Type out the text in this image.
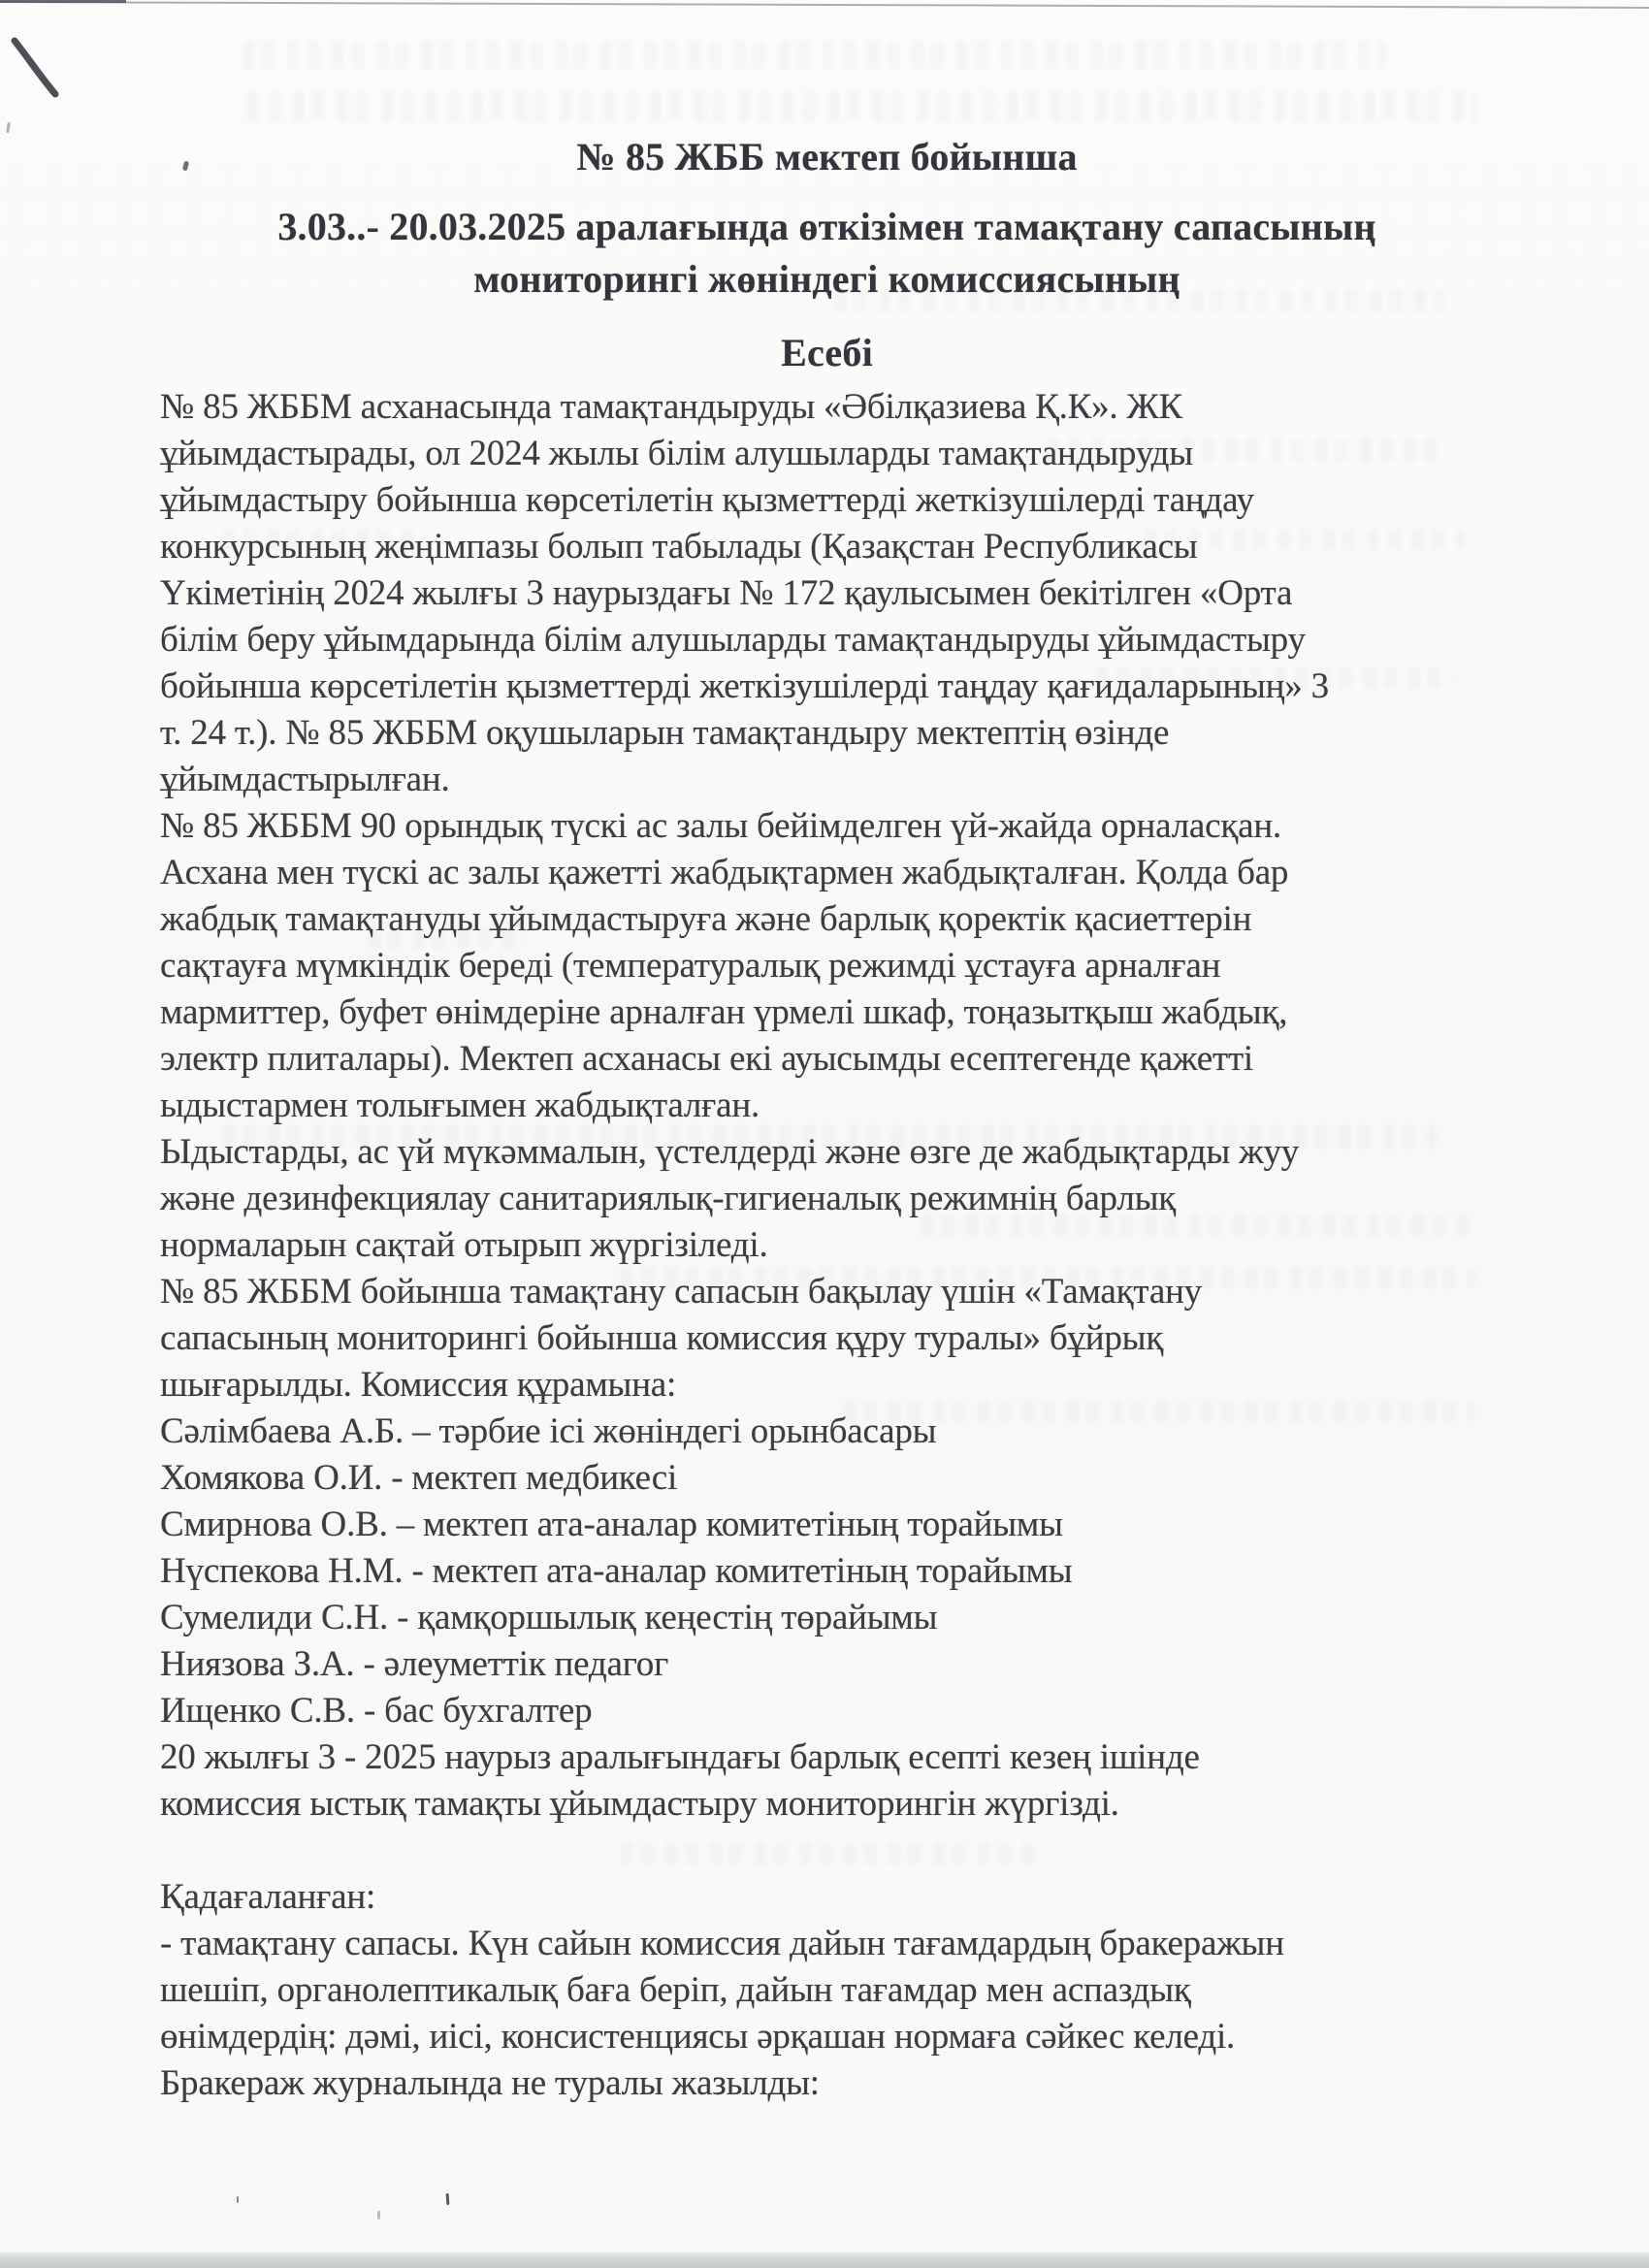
№ 85 ЖББ мектеп бойынша
3.03..- 20.03.2025 аралағында өткізімен тамақтану сапасының
мониторингі жөніндегі комиссиясының
Есебі
№ 85 ЖББМ асханасында тамақтандыруды «Әбілқазиева Қ.К». ЖК
ұйымдастырады, ол 2024 жылы білім алушыларды тамақтандыруды
ұйымдастыру бойынша көрсетілетін қызметтерді жеткізушілерді таңдау
конкурсының жеңімпазы болып табылады (Қазақстан Республикасы
Үкіметінің 2024 жылғы 3 наурыздағы № 172 қаулысымен бекітілген «Орта
білім беру ұйымдарында білім алушыларды тамақтандыруды ұйымдастыру
бойынша көрсетілетін қызметтерді жеткізушілерді таңдау қағидаларының» 3
т. 24 т.). № 85 ЖББМ оқушыларын тамақтандыру мектептің өзінде
ұйымдастырылған.
№ 85 ЖББМ 90 орындық түскі ас залы бейімделген үй-жайда орналасқан.
Асхана мен түскі ас залы қажетті жабдықтармен жабдықталған. Қолда бар
жабдық тамақтануды ұйымдастыруға және барлық қоректік қасиеттерін
сақтауға мүмкіндік береді (температуралық режимді ұстауға арналған
мармиттер, буфет өнімдеріне арналған үрмелі шкаф, тоңазытқыш жабдық,
электр плиталары). Мектеп асханасы екі ауысымды есептегенде қажетті
ыдыстармен толығымен жабдықталған.
Ыдыстарды, ас үй мүкәммалын, үстелдерді және өзге де жабдықтарды жуу
және дезинфекциялау санитариялық-гигиеналық режимнің барлық
нормаларын сақтай отырып жүргізіледі.
№ 85 ЖББМ бойынша тамақтану сапасын бақылау үшін «Тамақтану
сапасының мониторингі бойынша комиссия құру туралы» бұйрық
шығарылды. Комиссия құрамына:
Сәлімбаева А.Б. – тәрбие ісі жөніндегі орынбасары
Хомякова О.И. - мектеп медбикесі
Смирнова О.В. – мектеп ата-аналар комитетіның торайымы
Нүспекова Н.М. - мектеп ата-аналар комитетіның торайымы
Сумелиди С.Н. - қамқоршылық кеңестің төрайымы
Ниязова З.А. - әлеуметтік педагог
Ищенко С.В. - бас бухгалтер
20 жылғы 3 - 2025 наурыз аралығындағы барлық есепті кезең ішінде
комиссия ыстық тамақты ұйымдастыру мониторингін жүргізді.
Қадағаланған:
- тамақтану сапасы. Күн сайын комиссия дайын тағамдардың бракеражын
шешіп, органолептикалық баға беріп, дайын тағамдар мен аспаздық
өнімдердің: дәмі, иісі, консистенциясы әрқашан нормаға сәйкес келеді.
Бракераж журналында не туралы жазылды:
